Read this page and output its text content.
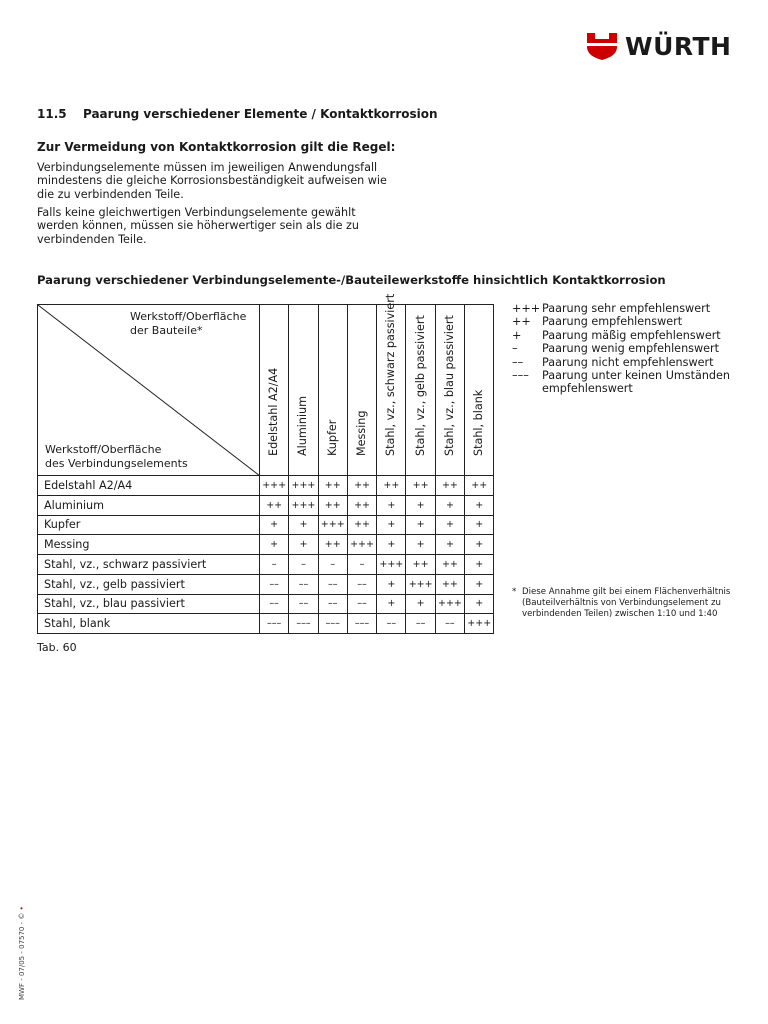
WÜRTH
11.5 Paarung verschiedener Elemente / Kontaktkorrosion
Zur Vermeidung von Kontaktkorrosion gilt die Regel:

Verbindungselemente müssen im jeweiligen Anwendungsfall mindestens die gleiche Korrosionsbeständigkeit aufweisen wie die zu verbindenden Teile.

Falls keine gleichwertigen Verbindungselemente gewählt werden können, müssen sie höherwertiger sein als die zu verbindenden Teile.

Paarung verschiedener Verbindungselemente-/Bauteilewerkstoffe hinsichtlich Kontaktkorrosion
Werkstoff/Oberfläche
der Bauteile*
Werkstoff/Oberfläche
des Verbindungselements	Edelstahl A2/A4	Aluminium	Kupfer	Messing	Stahl, vz., schwarz passiviert	Stahl, vz., gelb passiviert	Stahl, vz., blau passiviert	Stahl, blank

Edelstahl A2/A4	+++	+++	++	++	++	++	++	++
Aluminium	++	+++	++	++	+	+	+	+
Kupfer	+	+	+++	++	+	+	+	+
Messing	+	+	++	+++	+	+	+	+
Stahl, vz., schwarz passiviert	–	–	–	–	+++	++	++	+
Stahl, vz., gelb passiviert	––	––	––	––	+	+++	++	+
Stahl, vz., blau passiviert	––	––	––	––	+	+	+++	+
Stahl, blank	–––	–––	–––	–––	––	––	––	+++
Tab. 60
+++ Paarung sehr empfehlenswert
++	Paarung empfehlenswert
+	Paarung mäßig empfehlenswert
–	Paarung wenig empfehlenswert
––	Paarung nicht empfehlenswert
–––	Paarung unter keinen Umständen empfehlenswert
* Diese Annahme gilt bei einem Flächenverhältnis (Bauteilverhältnis von Verbindungselement zu verbindenden Teilen) zwischen 1:10 und 1:40
MWF - 07/05 - 07570 - © •
